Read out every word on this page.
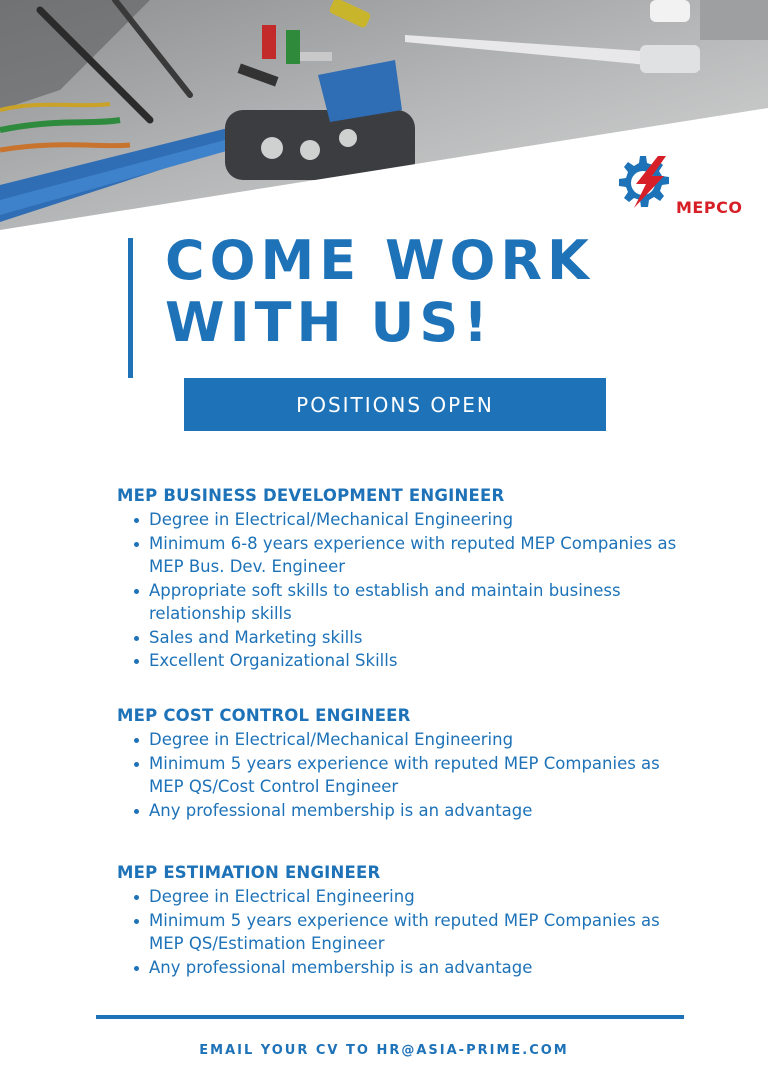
MEPCO
COME WORK
WITH US!
POSITIONS OPEN
MEP BUSINESS DEVELOPMENT ENGINEER
Degree in Electrical/Mechanical Engineering
Minimum 6-8 years experience with reputed MEP Companies as MEP Bus. Dev. Engineer
Appropriate soft skills to establish and maintain business relationship skills
Sales and Marketing skills
Excellent Organizational Skills
MEP COST CONTROL ENGINEER
Degree in Electrical/Mechanical Engineering
Minimum 5 years experience with reputed MEP Companies as MEP QS/Cost Control Engineer
Any professional membership is an advantage
MEP ESTIMATION ENGINEER
Degree in Electrical Engineering
Minimum 5 years experience with reputed MEP Companies as MEP QS/Estimation Engineer
Any professional membership is an advantage
EMAIL YOUR CV TO HR@ASIA-PRIME.COM
